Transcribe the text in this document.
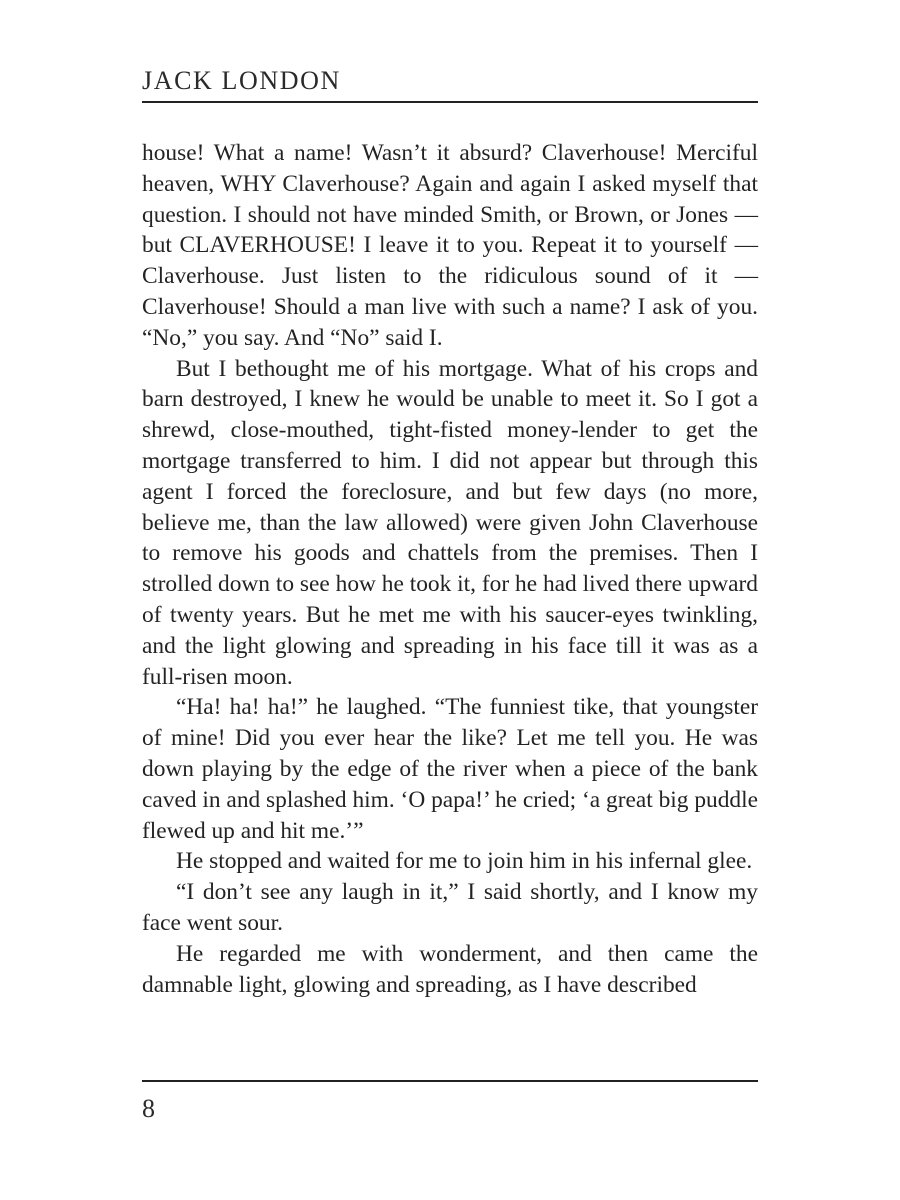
JACK LONDON

house! What a name! Wasn’t it absurd? Claverhouse! Merciful heaven, WHY Claverhouse? Again and again I asked myself that question. I should not have minded Smith, or Brown, or Jones — but CLAVERHOUSE! I leave it to you. Repeat it to yourself — Claverhouse. Just listen to the ridiculous sound of it — Claverhouse! Should a man live with such a name? I ask of you. “No,” you say. And “No” said I.

But I bethought me of his mortgage. What of his crops and barn destroyed, I knew he would be unable to meet it. So I got a shrewd, close-mouthed, tight-fisted money-lender to get the mortgage transferred to him. I did not appear but through this agent I forced the foreclosure, and but few days (no more, believe me, than the law allowed) were given John Claverhouse to remove his goods and chattels from the premises. Then I strolled down to see how he took it, for he had lived there upward of twenty years. But he met me with his saucer-eyes twinkling, and the light glowing and spreading in his face till it was as a full-risen moon.

“Ha! ha! ha!” he laughed. “The funniest tike, that youngster of mine! Did you ever hear the like? Let me tell you. He was down playing by the edge of the river when a piece of the bank caved in and splashed him. ‘O papa!’ he cried; ‘a great big puddle flewed up and hit me.’”

He stopped and waited for me to join him in his infernal glee.

“I don’t see any laugh in it,” I said shortly, and I know my face went sour.

He regarded me with wonderment, and then came the damnable light, glowing and spreading, as I have described

8
